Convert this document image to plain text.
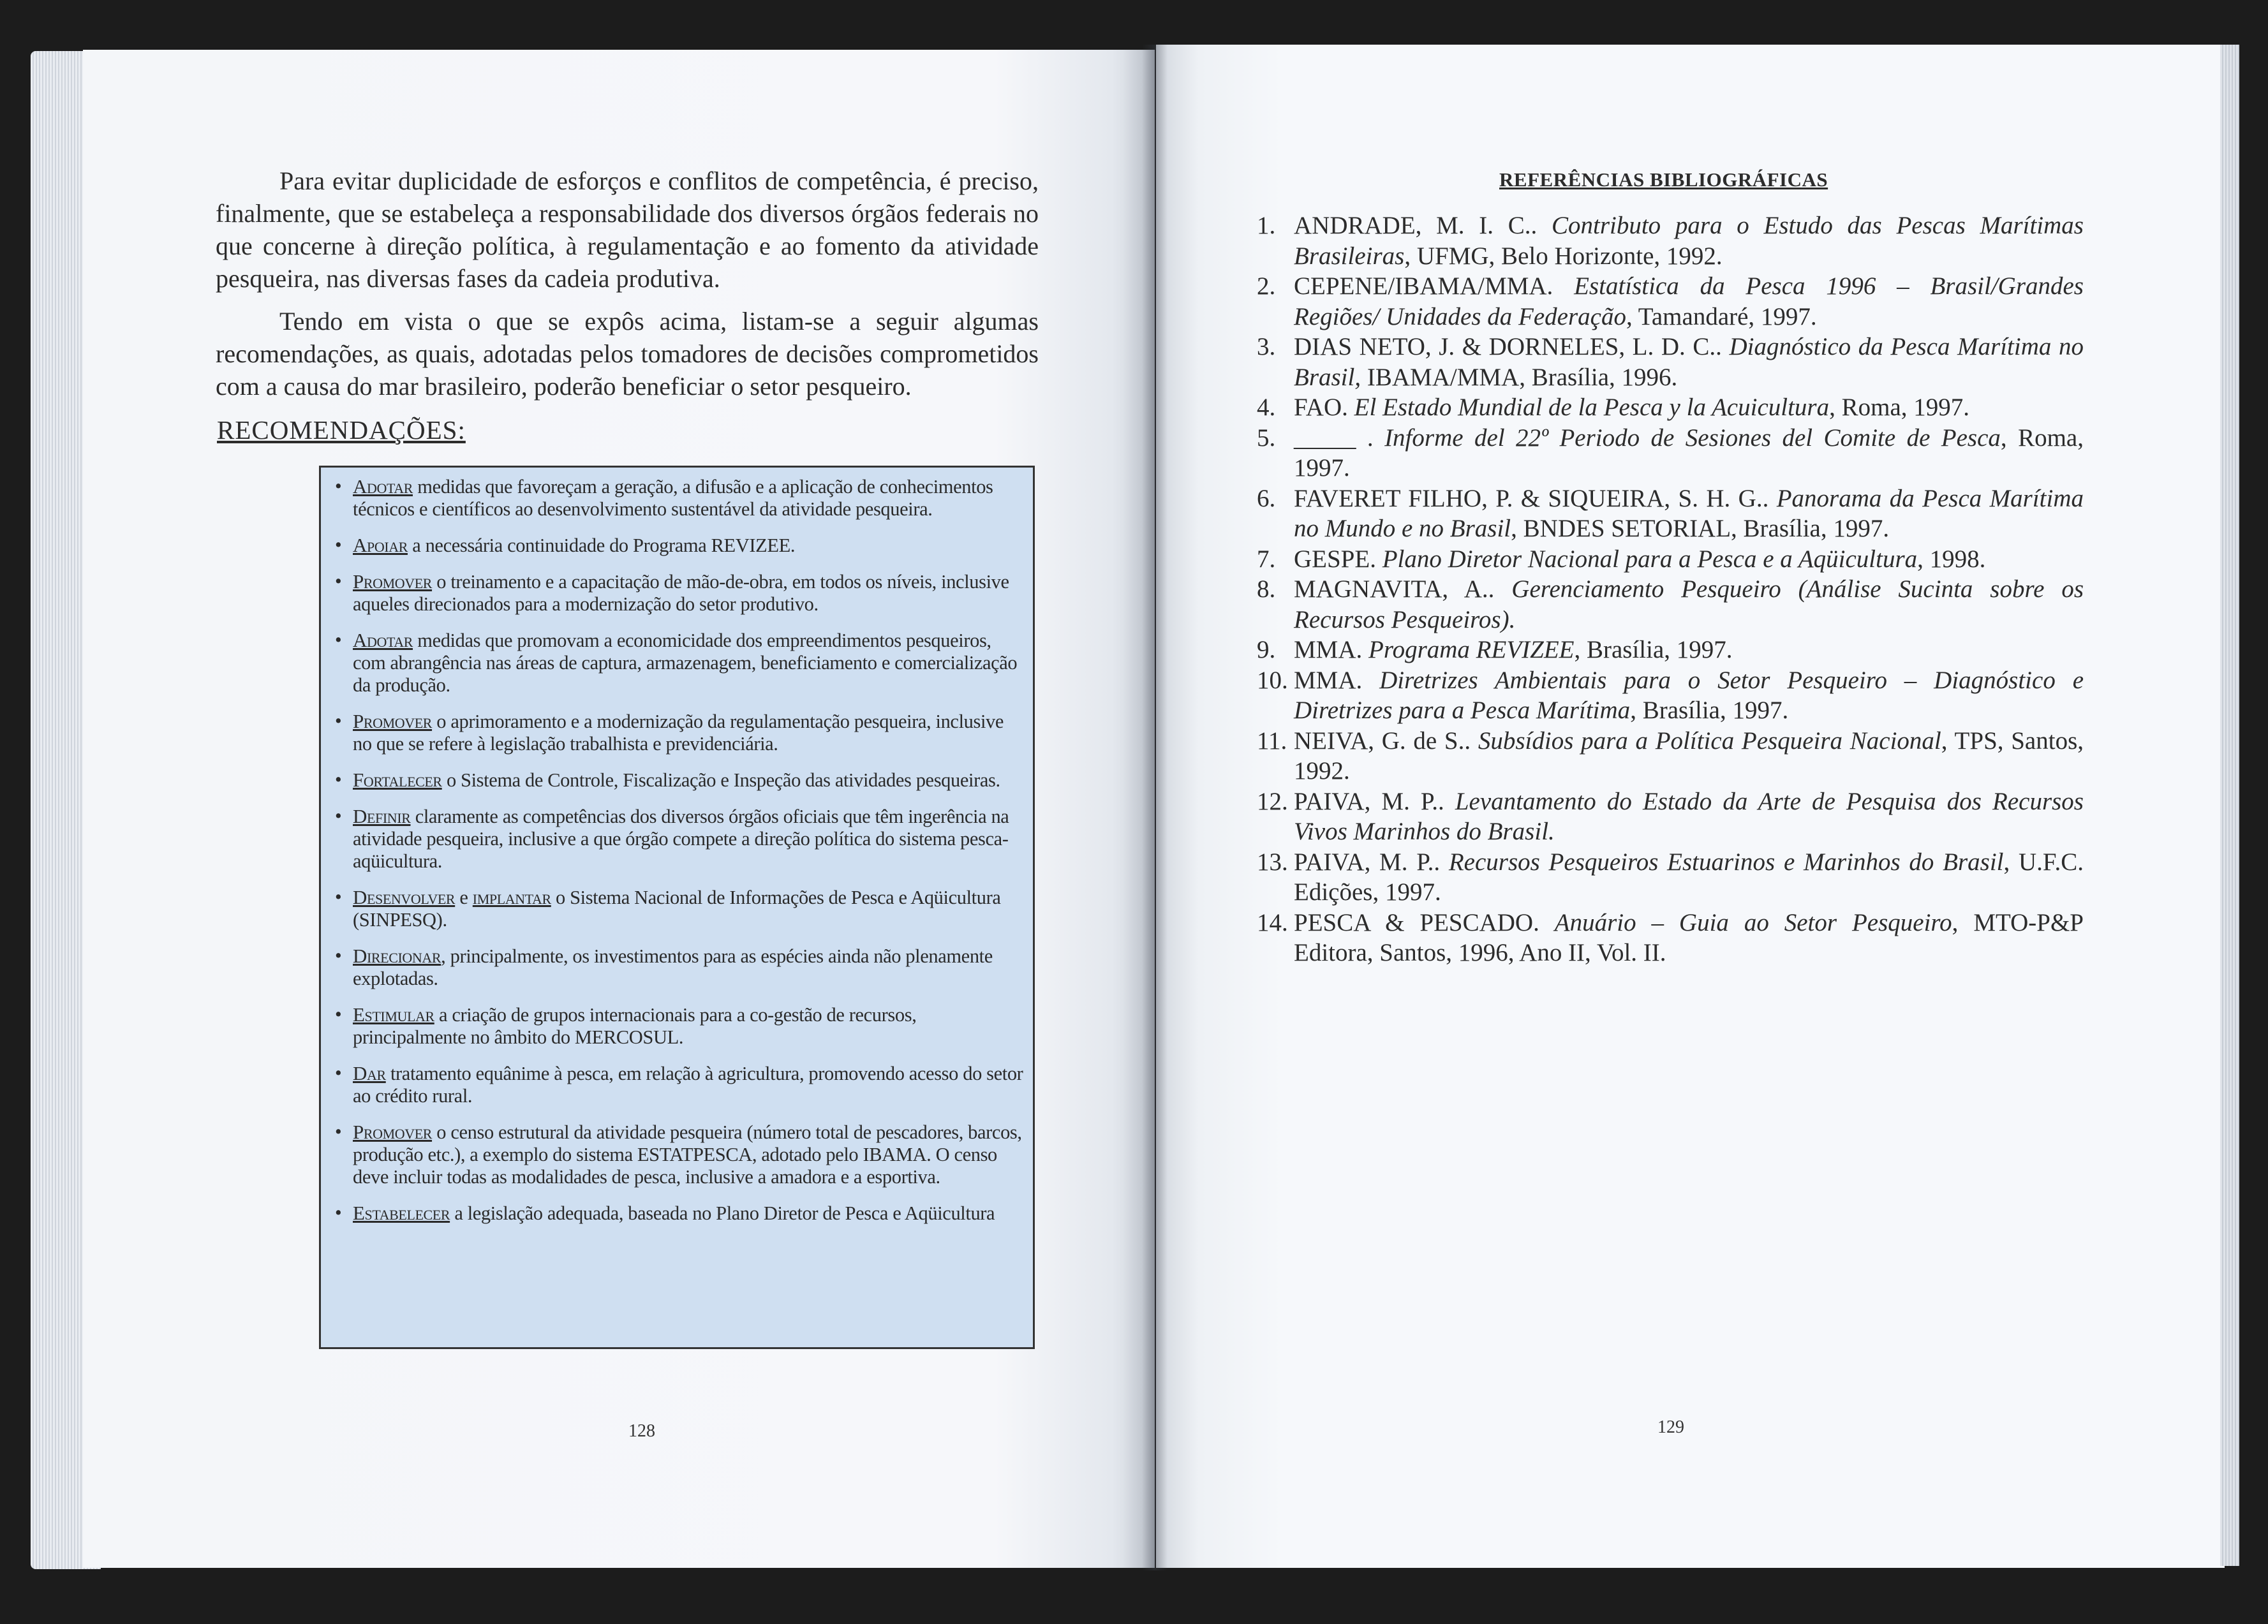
Para evitar duplicidade de esforços e conflitos de competência, é preciso, finalmente, que se estabeleça a responsabilidade dos diversos órgãos federais no que concerne à direção política, à regulamentação e ao fomento da atividade pesqueira, nas diversas fases da cadeia produtiva.

Tendo em vista o que se expôs acima, listam-se a seguir algumas recomendações, as quais, adotadas pelos tomadores de decisões comprometidos com a causa do mar brasileiro, poderão beneficiar o setor pesqueiro.

RECOMENDAÇÕES:
• Adotar medidas que favoreçam a geração, a difusão e a aplicação de conhecimentos técnicos e científicos ao desenvolvimento sustentável da atividade pesqueira.
• Apoiar a necessária continuidade do Programa REVIZEE.
• Promover o treinamento e a capacitação de mão-de-obra, em todos os níveis, inclusive aqueles direcionados para a modernização do setor produtivo.
• Adotar medidas que promovam a economicidade dos empreendimentos pesqueiros, com abrangência nas áreas de captura, armazenagem, beneficiamento e comercialização da produção.
• Promover o aprimoramento e a modernização da regulamentação pesqueira, inclusive no que se refere à legislação trabalhista e previdenciária.
• Fortalecer o Sistema de Controle, Fiscalização e Inspeção das atividades pesqueiras.
• Definir claramente as competências dos diversos órgãos oficiais que têm ingerência na atividade pesqueira, inclusive a que órgão compete a direção política do sistema pesca-aqüicultura.
• Desenvolver e implantar o Sistema Nacional de Informações de Pesca e Aqüicultura (SINPESQ).
• Direcionar, principalmente, os investimentos para as espécies ainda não plenamente explotadas.
• Estimular a criação de grupos internacionais para a co-gestão de recursos, principalmente no âmbito do MERCOSUL.
• Dar tratamento equânime à pesca, em relação à agricultura, promovendo acesso do setor ao crédito rural.
• Promover o censo estrutural da atividade pesqueira (número total de pescadores, barcos, produção etc.), a exemplo do sistema ESTATPESCA, adotado pelo IBAMA. O censo deve incluir todas as modalidades de pesca, inclusive a amadora e a esportiva.
• Estabelecer a legislação adequada, baseada no Plano Diretor de Pesca e Aqüicultura
128
REFERÊNCIAS BIBLIOGRÁFICAS
1. ANDRADE, M. I. C.. Contributo para o Estudo das Pescas Marítimas Brasileiras, UFMG, Belo Horizonte, 1992.
2. CEPENE/IBAMA/MMA. Estatística da Pesca 1996 – Brasil/Grandes Regiões/ Unidades da Federação, Tamandaré, 1997.
3. DIAS NETO, J. & DORNELES, L. D. C.. Diagnóstico da Pesca Marítima no Brasil, IBAMA/MMA, Brasília, 1996.
4. FAO. El Estado Mundial de la Pesca y la Acuicultura, Roma, 1997.
5. _____ . Informe del 22º Periodo de Sesiones del Comite de Pesca, Roma, 1997.
6. FAVERET FILHO, P. & SIQUEIRA, S. H. G.. Panorama da Pesca Marítima no Mundo e no Brasil, BNDES SETORIAL, Brasília, 1997.
7. GESPE. Plano Diretor Nacional para a Pesca e a Aqüicultura, 1998.
8. MAGNAVITA, A.. Gerenciamento Pesqueiro (Análise Sucinta sobre os Recursos Pesqueiros).
9. MMA. Programa REVIZEE, Brasília, 1997.
10. MMA. Diretrizes Ambientais para o Setor Pesqueiro – Diagnóstico e Diretrizes para a Pesca Marítima, Brasília, 1997.
11. NEIVA, G. de S.. Subsídios para a Política Pesqueira Nacional, TPS, Santos, 1992.
12. PAIVA, M. P.. Levantamento do Estado da Arte de Pesquisa dos Recursos Vivos Marinhos do Brasil.
13. PAIVA, M. P.. Recursos Pesqueiros Estuarinos e Marinhos do Brasil, U.F.C. Edições, 1997.
14. PESCA & PESCADO. Anuário – Guia ao Setor Pesqueiro, MTO-P&P Editora, Santos, 1996, Ano II, Vol. II.
129
